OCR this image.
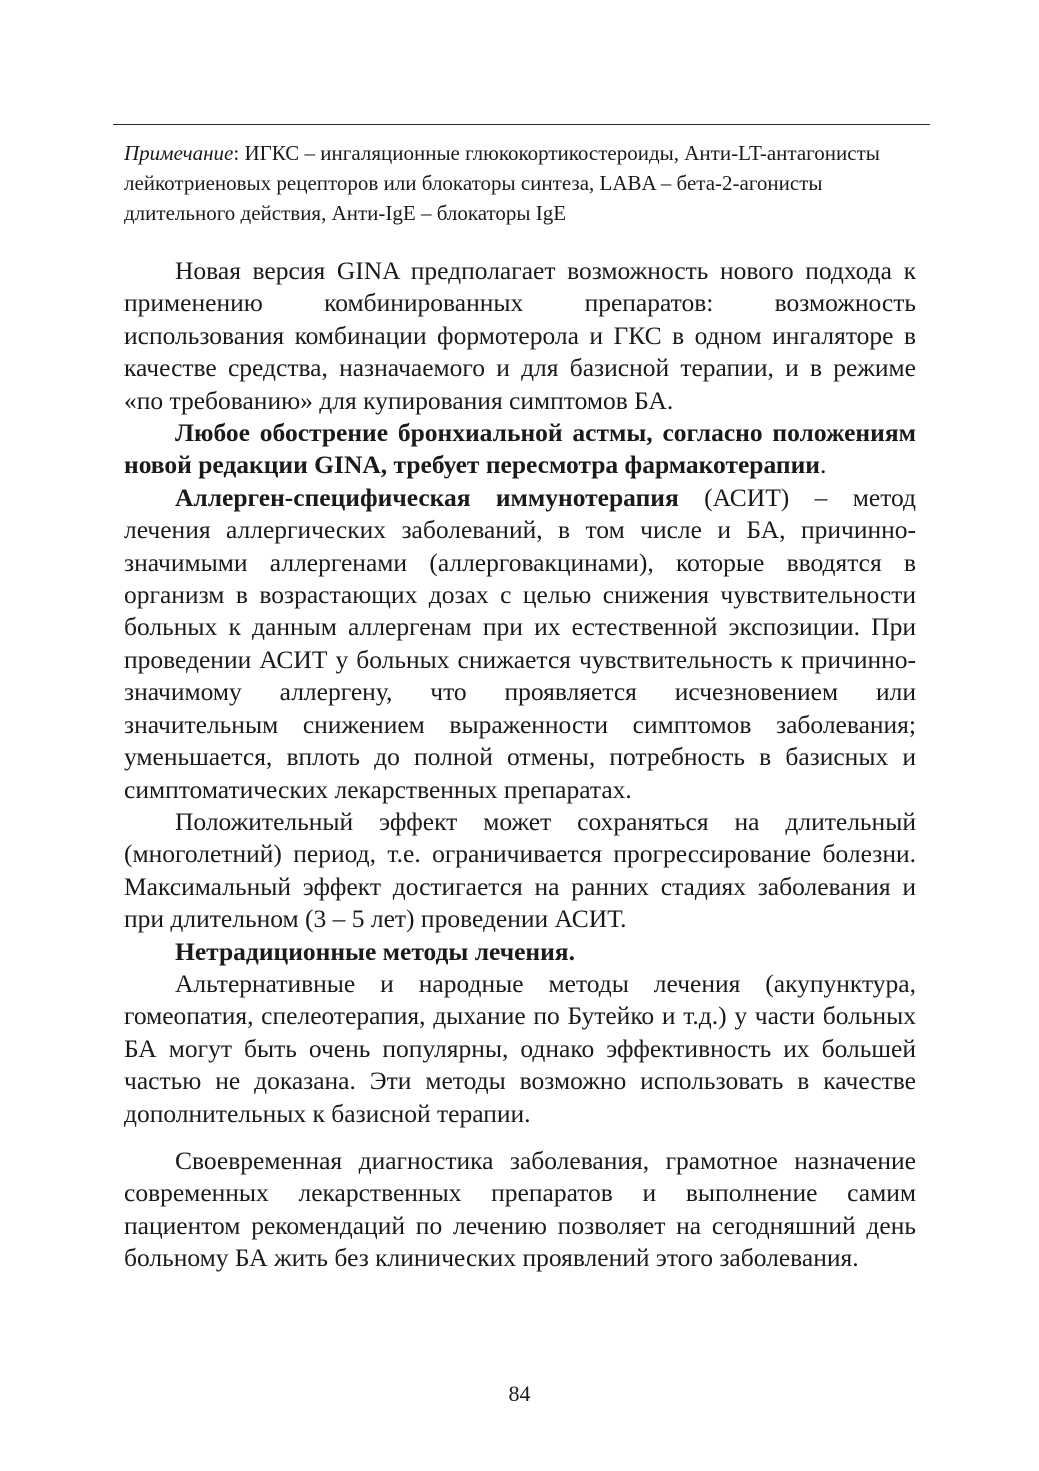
Примечание: ИГКС – ингаляционные глюкокортикостероиды, Анти-LT-антагонисты лейкотриеновых рецепторов или блокаторы синтеза, LABA – бета-2-агонисты длительного действия, Анти-IgE – блокаторы IgE

Новая версия GINA предполагает возможность нового подхода к применению комбинированных препаратов: возможность использования комбинации формотерола и ГКС в одном ингаляторе в качестве средства, назначаемого и для базисной терапии, и в режиме «по требованию» для купирования симптомов БА.

Любое обострение бронхиальной астмы, согласно положениям новой редакции GINA, требует пересмотра фармакотерапии.

Аллерген-специфическая иммунотерапия (АСИТ) – метод лечения аллергических заболеваний, в том числе и БА, причинно-значимыми аллергенами (аллерговакцинами), которые вводятся в организм в возрастающих дозах с целью снижения чувствительности больных к данным аллергенам при их естественной экспозиции. При проведении АСИТ у больных снижается чувствительность к причинно-значимому аллергену, что проявляется исчезновением или значительным снижением выраженности симптомов заболевания; уменьшается, вплоть до полной отмены, потребность в базисных и симптоматических лекарственных препаратах.

Положительный эффект может сохраняться на длительный (многолетний) период, т.е. ограничивается прогрессирование болезни. Максимальный эффект достигается на ранних стадиях заболевания и при длительном (3 – 5 лет) проведении АСИТ.

Нетрадиционные методы лечения.

Альтернативные и народные методы лечения (акупунктура, гомеопатия, спелеотерапия, дыхание по Бутейко и т.д.) у части больных БА могут быть очень популярны, однако эффективность их большей частью не доказана. Эти методы возможно использовать в качестве дополнительных к базисной терапии.

Своевременная диагностика заболевания, грамотное назначение современных лекарственных препаратов и выполнение самим пациентом рекомендаций по лечению позволяет на сегодняшний день больному БА жить без клинических проявлений этого заболевания.

84
